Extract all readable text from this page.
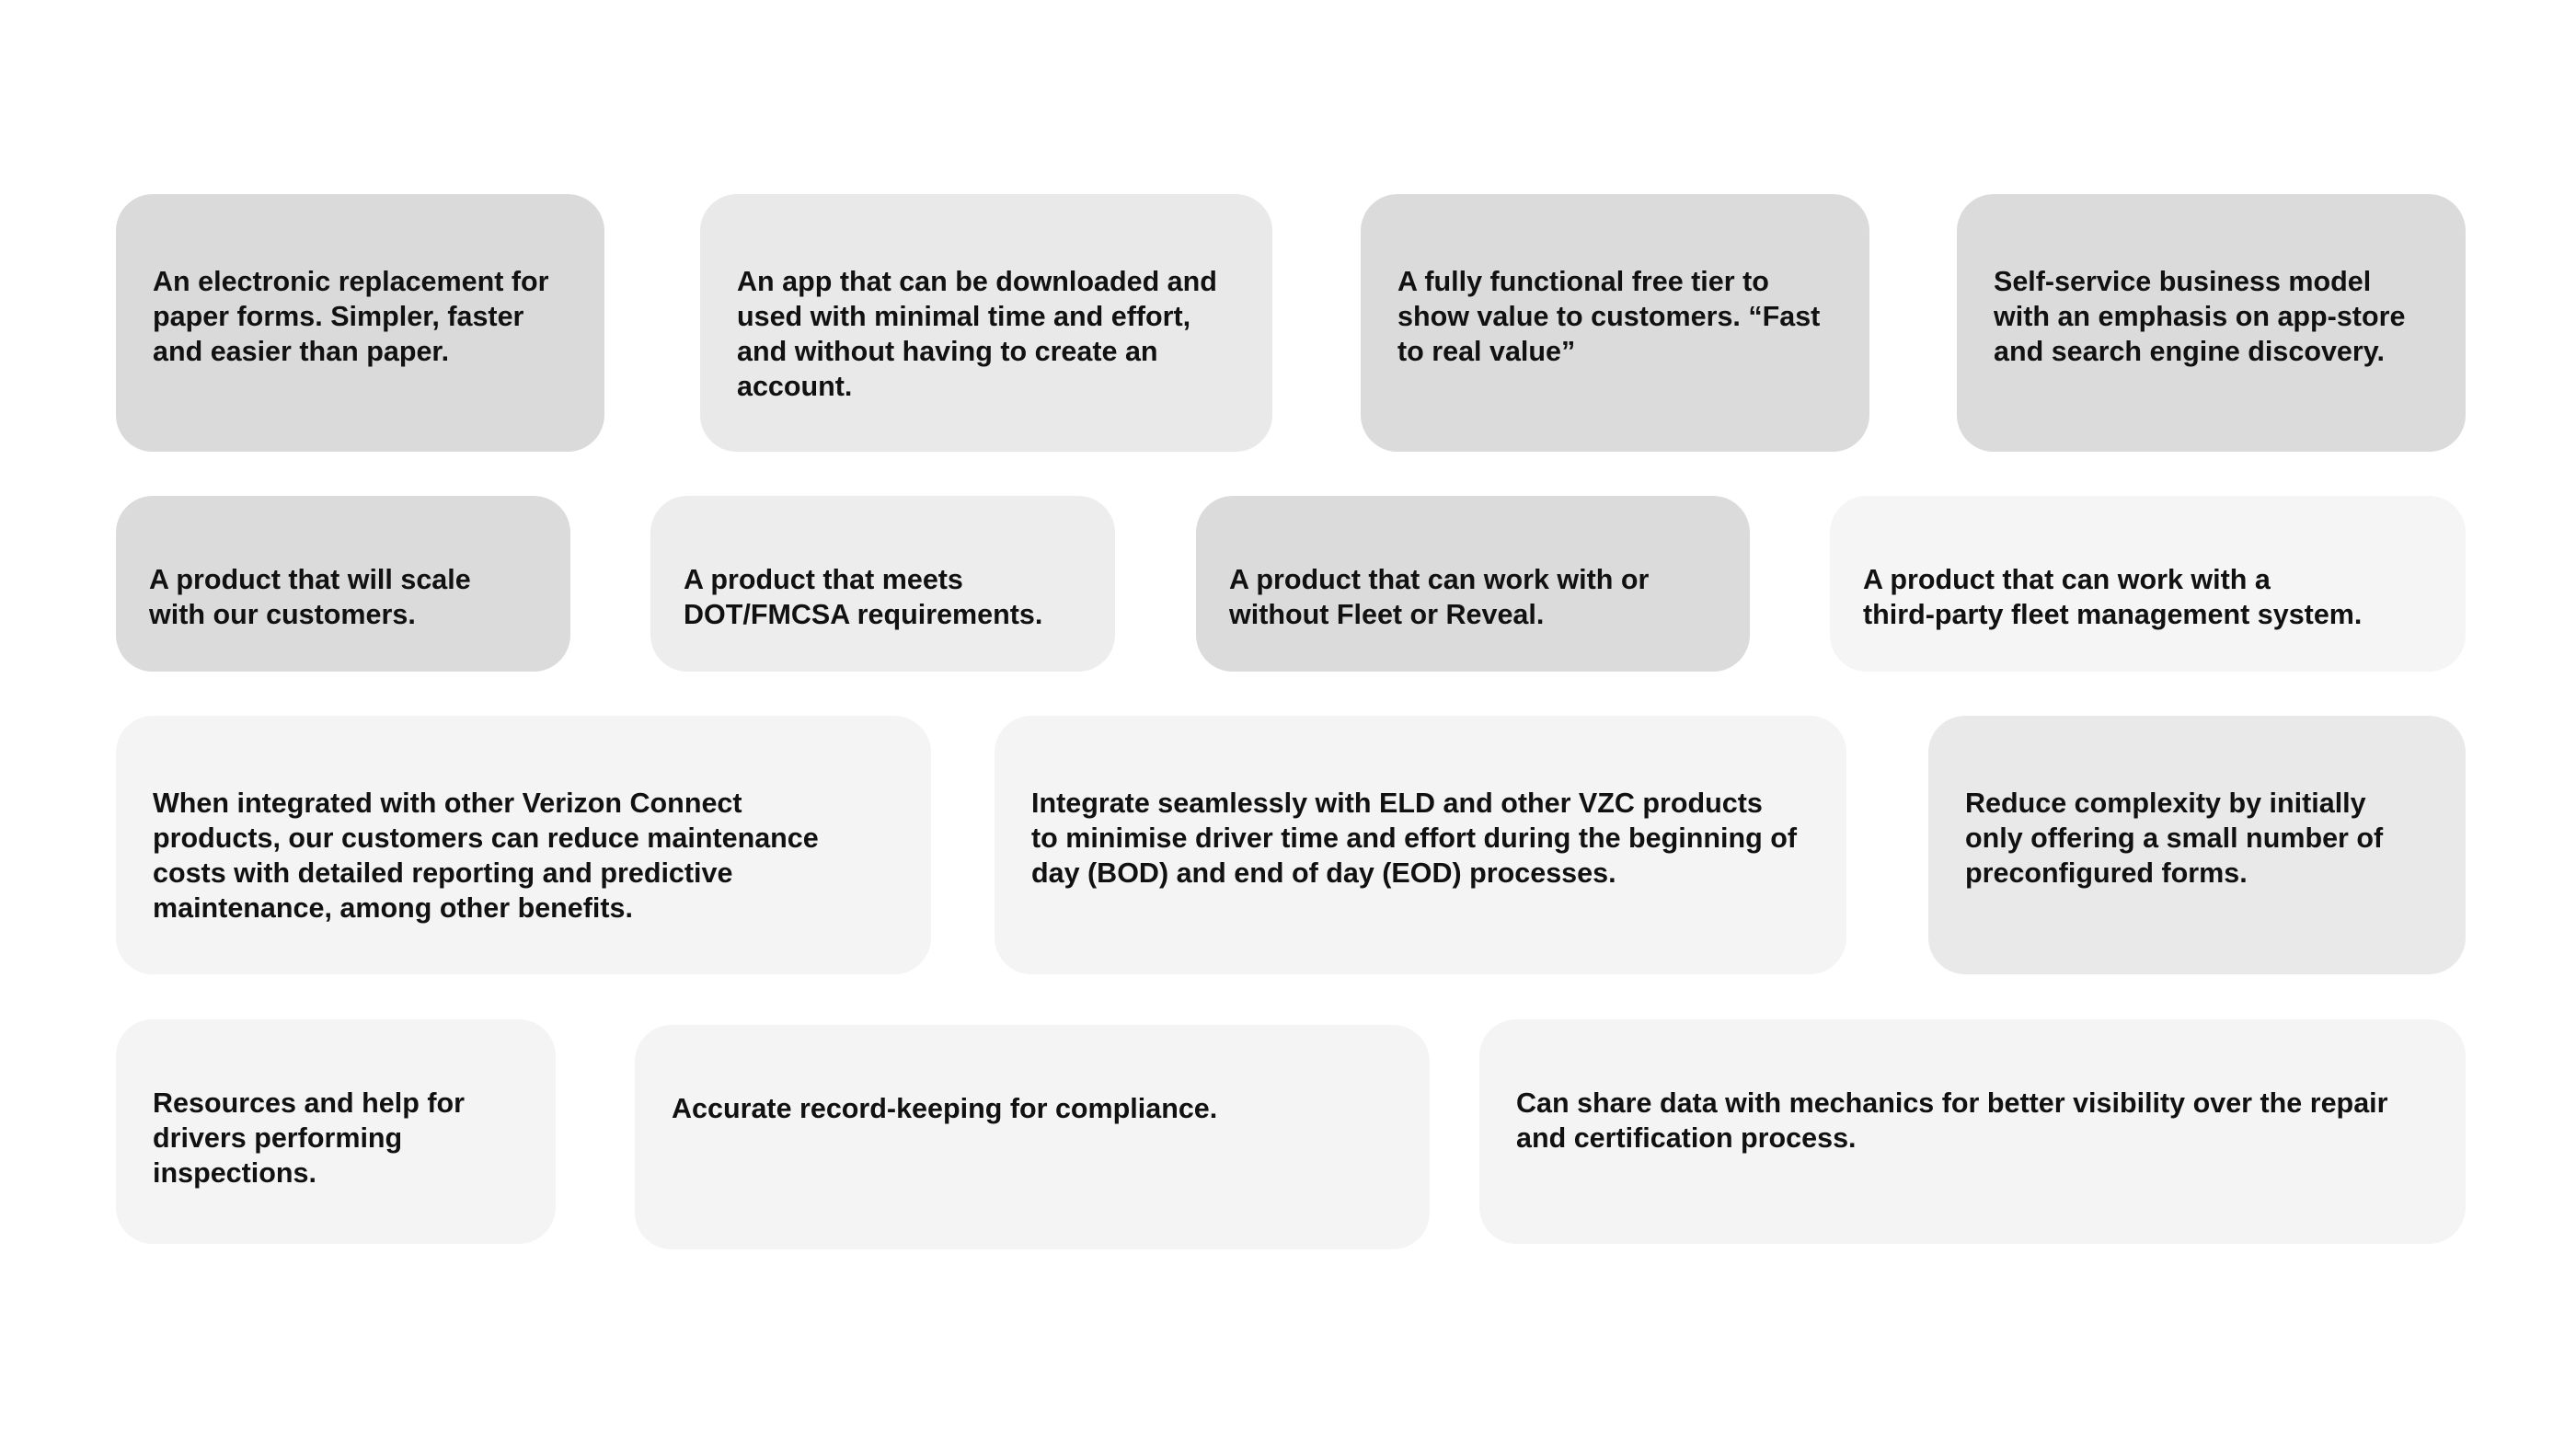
An electronic replacement for
paper forms. Simpler, faster
and easier than paper.

An app that can be downloaded and
used with minimal time and effort,
and without having to create an
account.

A fully functional free tier to
show value to customers. “Fast
to real value”

Self-service business model
with an emphasis on app-store
and search engine discovery.

A product that will scale
with our customers.

A product that meets
DOT/FMCSA requirements.

A product that can work with or
without Fleet or Reveal.

A product that can work with a
third-party fleet management system.

When integrated with other Verizon Connect
products, our customers can reduce maintenance
costs with detailed reporting and predictive
maintenance, among other benefits.

Integrate seamlessly with ELD and other VZC products
to minimise driver time and effort during the beginning of
day (BOD) and end of day (EOD) processes.

Reduce complexity by initially
only offering a small number of
preconfigured forms.

Resources and help for
drivers performing
inspections.

Accurate record-keeping for compliance.	Can share data with mechanics for better visibility over the repair
and certification process.
